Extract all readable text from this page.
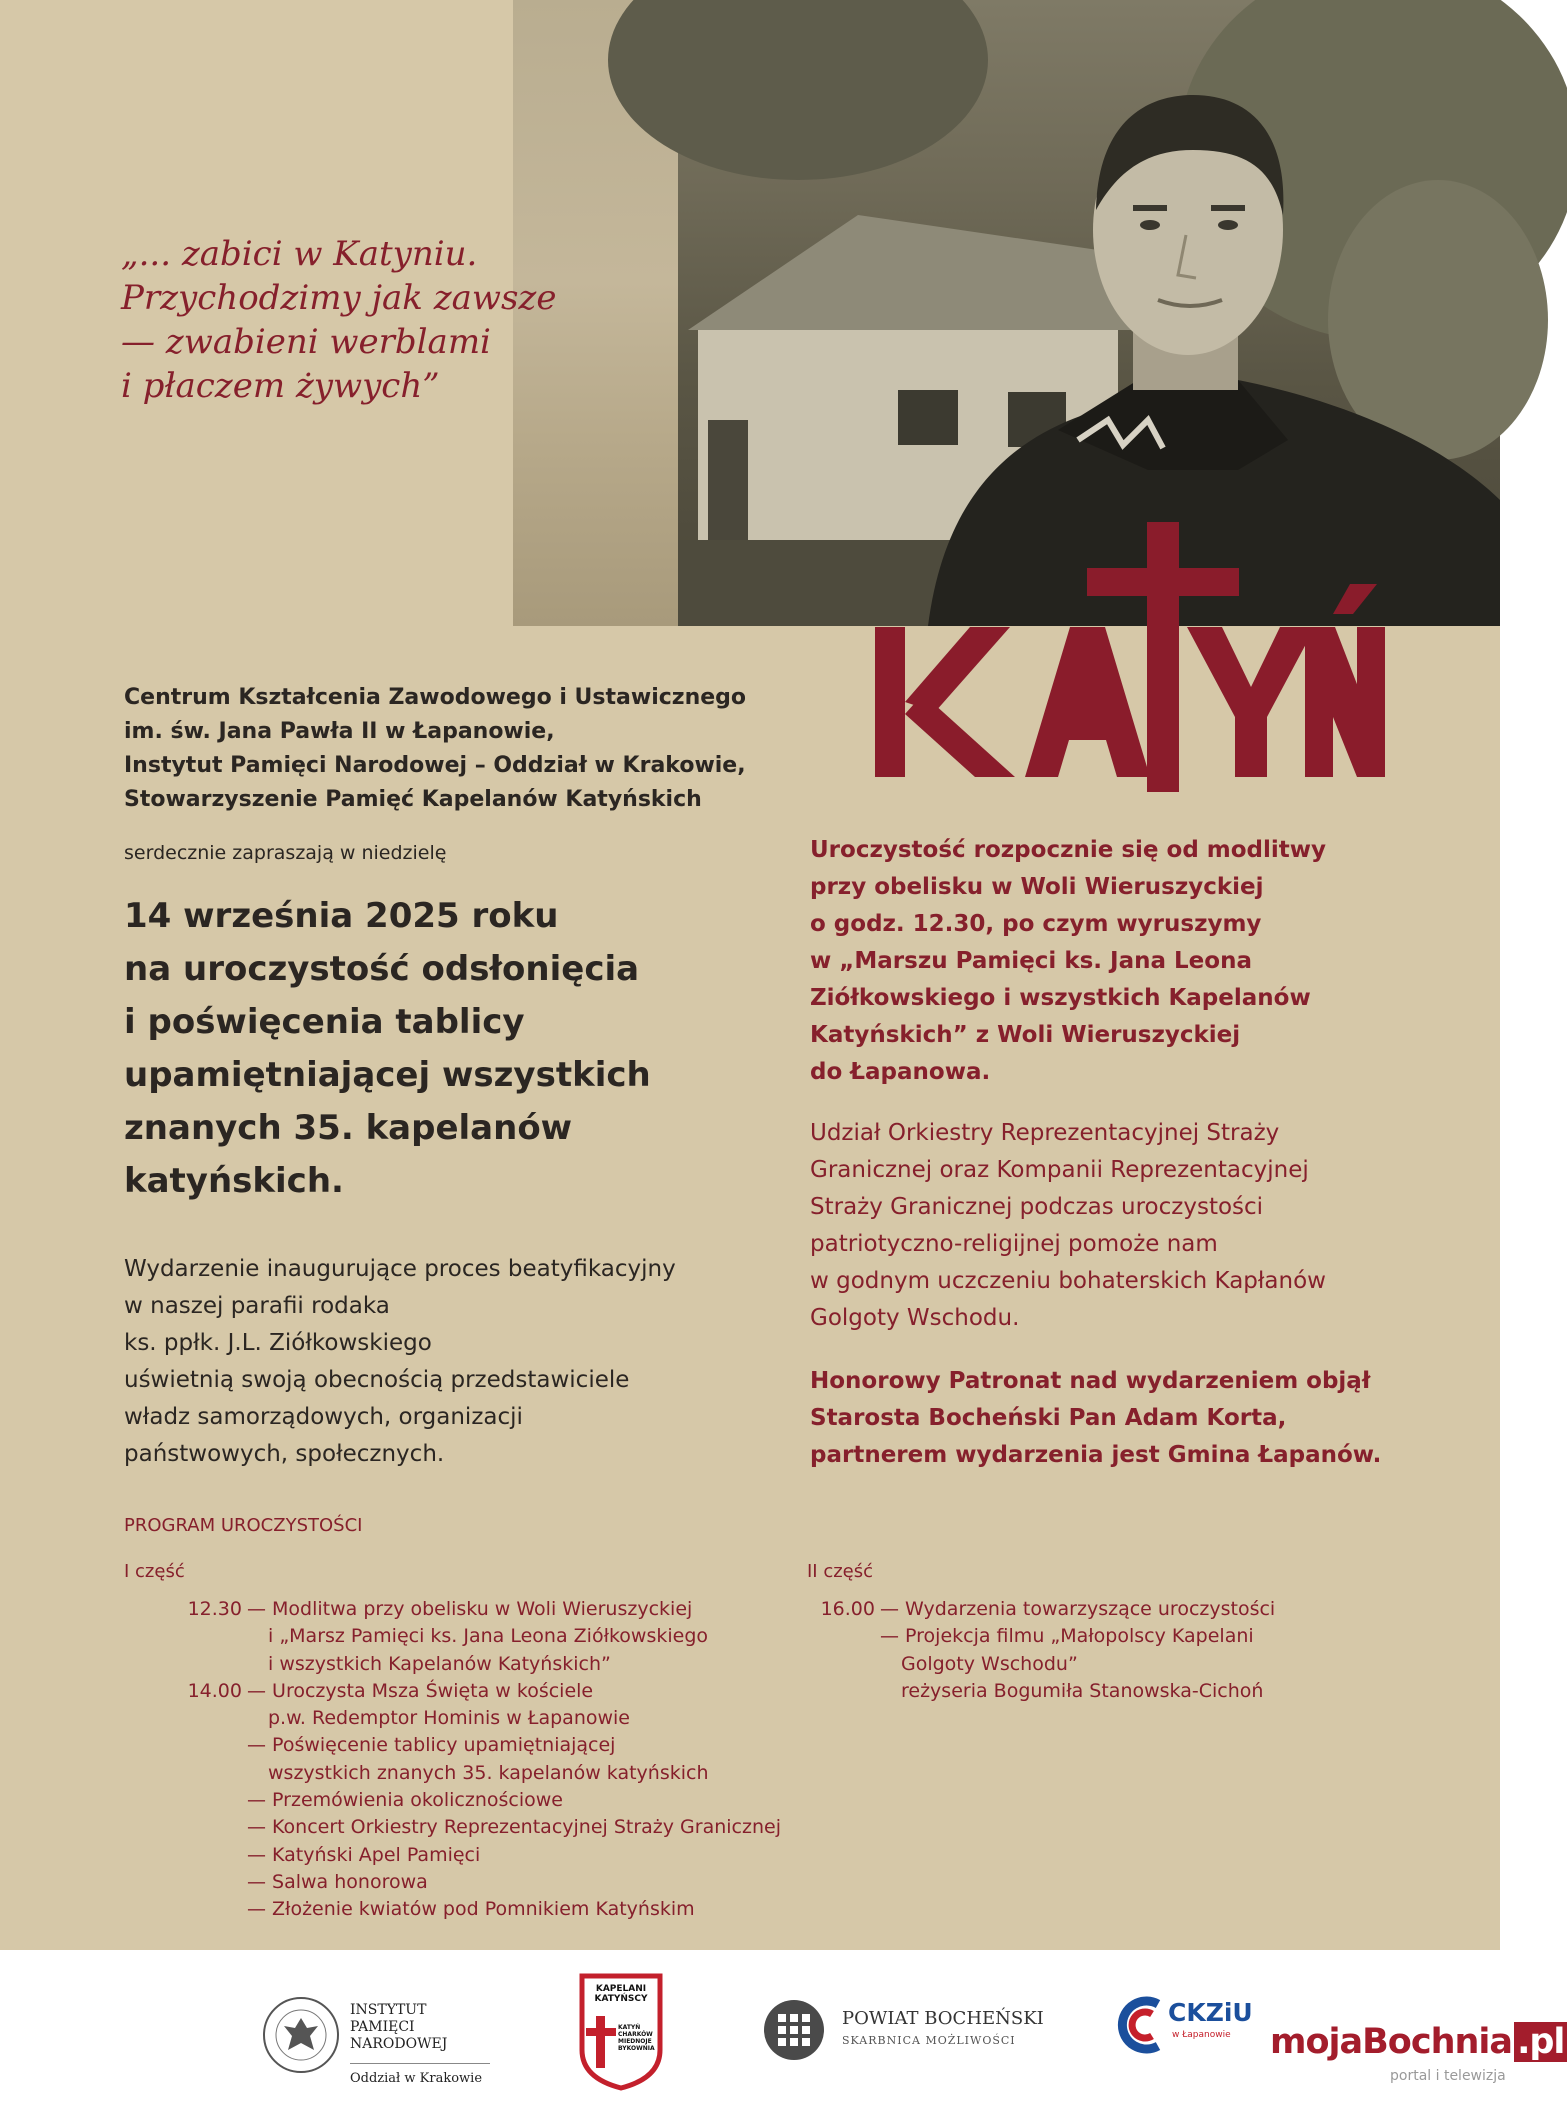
„... zabici w Katyniu.
Przychodzimy jak zawsze
— zwabieni werblami
i płaczem żywych”
Centrum Kształcenia Zawodowego i Ustawicznego
im. św. Jana Pawła II w Łapanowie,
Instytut Pamięci Narodowej – Oddział w Krakowie,
Stowarzyszenie Pamięć Kapelanów Katyńskich
serdecznie zapraszają w niedzielę
14 września 2025 roku
na uroczystość odsłonięcia
i poświęcenia tablicy
upamiętniającej wszystkich
znanych 35. kapelanów
katyńskich.
Wydarzenie inaugurujące proces beatyfikacyjny
w naszej parafii rodaka
ks. ppłk. J.L. Ziółkowskiego
uświetnią swoją obecnością przedstawiciele
władz samorządowych, organizacji
państwowych, społecznych.
Uroczystość rozpocznie się od modlitwy
przy obelisku w Woli Wieruszyckiej
o godz. 12.30, po czym wyruszymy
w „Marszu Pamięci ks. Jana Leona
Ziółkowskiego i wszystkich Kapelanów
Katyńskich” z Woli Wieruszyckiej
do Łapanowa.
Udział Orkiestry Reprezentacyjnej Straży
Granicznej oraz Kompanii Reprezentacyjnej
Straży Granicznej podczas uroczystości
patriotyczno-religijnej pomoże nam
w godnym uczczeniu bohaterskich Kapłanów
Golgoty Wschodu.
Honorowy Patronat nad wydarzeniem objął
Starosta Bocheński Pan Adam Korta,
partnerem wydarzenia jest Gmina Łapanów.
PROGRAM UROCZYSTOŚCI
I część	II część
12.30 — Modlitwa przy obelisku w Woli Wieruszyckiej
i „Marsz Pamięci ks. Jana Leona Ziółkowskiego
i wszystkich Kapelanów Katyńskich”
14.00 — Uroczysta Msza Święta w kościele
p.w. Redemptor Hominis w Łapanowie
— Poświęcenie tablicy upamiętniającej
wszystkich znanych 35. kapelanów katyńskich
— Przemówienia okolicznościowe
— Koncert Orkiestry Reprezentacyjnej Straży Granicznej
— Katyński Apel Pamięci
— Salwa honorowa
— Złożenie kwiatów pod Pomnikiem Katyńskim
16.00 — Wydarzenia towarzyszące uroczystości
— Projekcja filmu „Małopolscy Kapelani
Golgoty Wschodu”
reżyseria Bogumiła Stanowska-Cichoń
INSTYTUT PAMIĘCI
NARODOWEJ
Oddział w Krakowie
KAPELANI
KATYŃSCY
KATYŃ CHARKÓW MIEDNOJE BYKOWNIA
POWIAT BOCHEŃSKI
SKARBNICA MOŻLIWOŚCI
CKZiU
w Łapanowie mojaBochnia .pl
portal i telewizja
